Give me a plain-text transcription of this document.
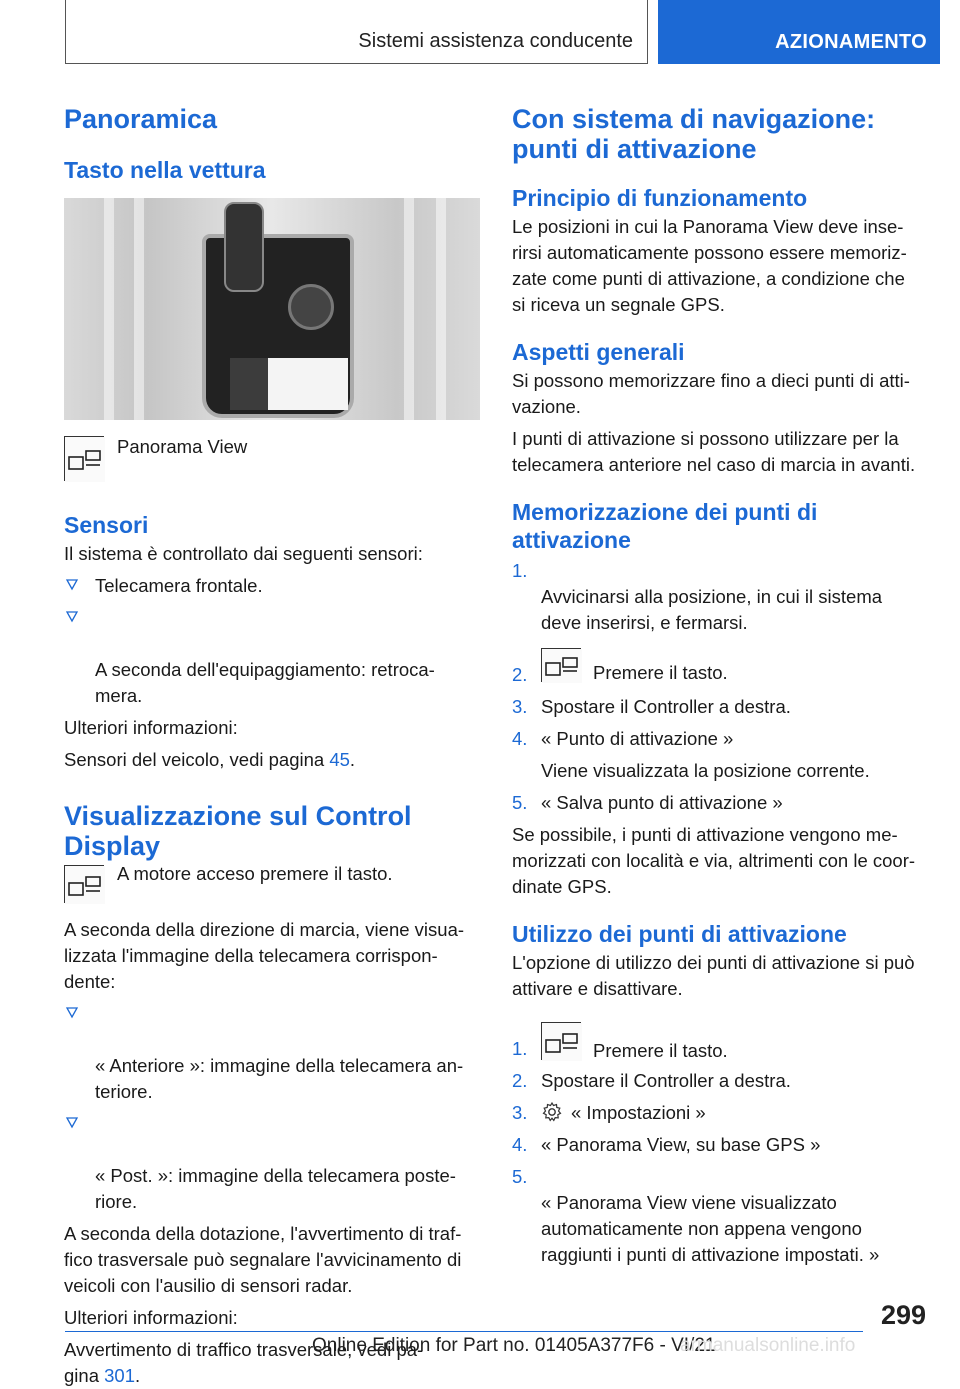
Sistemi assistenza conducente	AZIONAMENTO
Panoramica
Tasto nella vettura

Panorama View

Sensori

Il sistema è controllato dai seguenti sensori:

Telecamera frontale.

A seconda dell'equipaggiamento: retroca-
mera.

Ulteriori informazioni:

Sensori del veicolo, vedi pagina 45.

Visualizzazione sul Control Display

A motore acceso premere il tasto.

A seconda della direzione di marcia, viene visua-
lizzata l'immagine della telecamera corrispon-
dente:

« Anteriore »: immagine della telecamera an-
teriore.

« Post. »: immagine della telecamera poste-
riore.

A seconda della dotazione, l'avvertimento di traf-
fico trasversale può segnalare l'avvicinamento di
veicoli con l'ausilio di sensori radar.

Ulteriori informazioni:

Avvertimento di traffico trasversale, vedi pa-
gina 301.

Con sistema di navigazione: punti di attivazione
Principio di funzionamento

Le posizioni in cui la Panorama View deve inse-
rirsi automaticamente possono essere memoriz-
zate come punti di attivazione, a condizione che
si riceva un segnale GPS.

Aspetti generali

Si possono memorizzare fino a dieci punti di atti-
vazione.

I punti di attivazione si possono utilizzare per la
telecamera anteriore nel caso di marcia in avanti.

Memorizzazione dei punti di attivazione

1.
Avvicinarsi alla posizione, in cui il sistema
deve inserirsi, e fermarsi.

2.	Premere il tasto.
3. Spostare il Controller a destra.
4. « Punto di attivazione »
Viene visualizzata la posizione corrente.
5. « Salva punto di attivazione »

Se possibile, i punti di attivazione vengono me-
morizzati con località e via, altrimenti con le coor-
dinate GPS.

Utilizzo dei punti di attivazione

L'opzione di utilizzo dei punti di attivazione si può
attivare e disattivare.

1.	Premere il tasto.
2. Spostare il Controller a destra.
3. « Impostazioni »
4. « Panorama View, su base GPS »

5.
« Panorama View viene visualizzato
automaticamente non appena vengono
raggiunti i punti di attivazione impostati. »

299
Online Edition for Part no. 01405A377F6 - VI/21
armanualsonline.info
